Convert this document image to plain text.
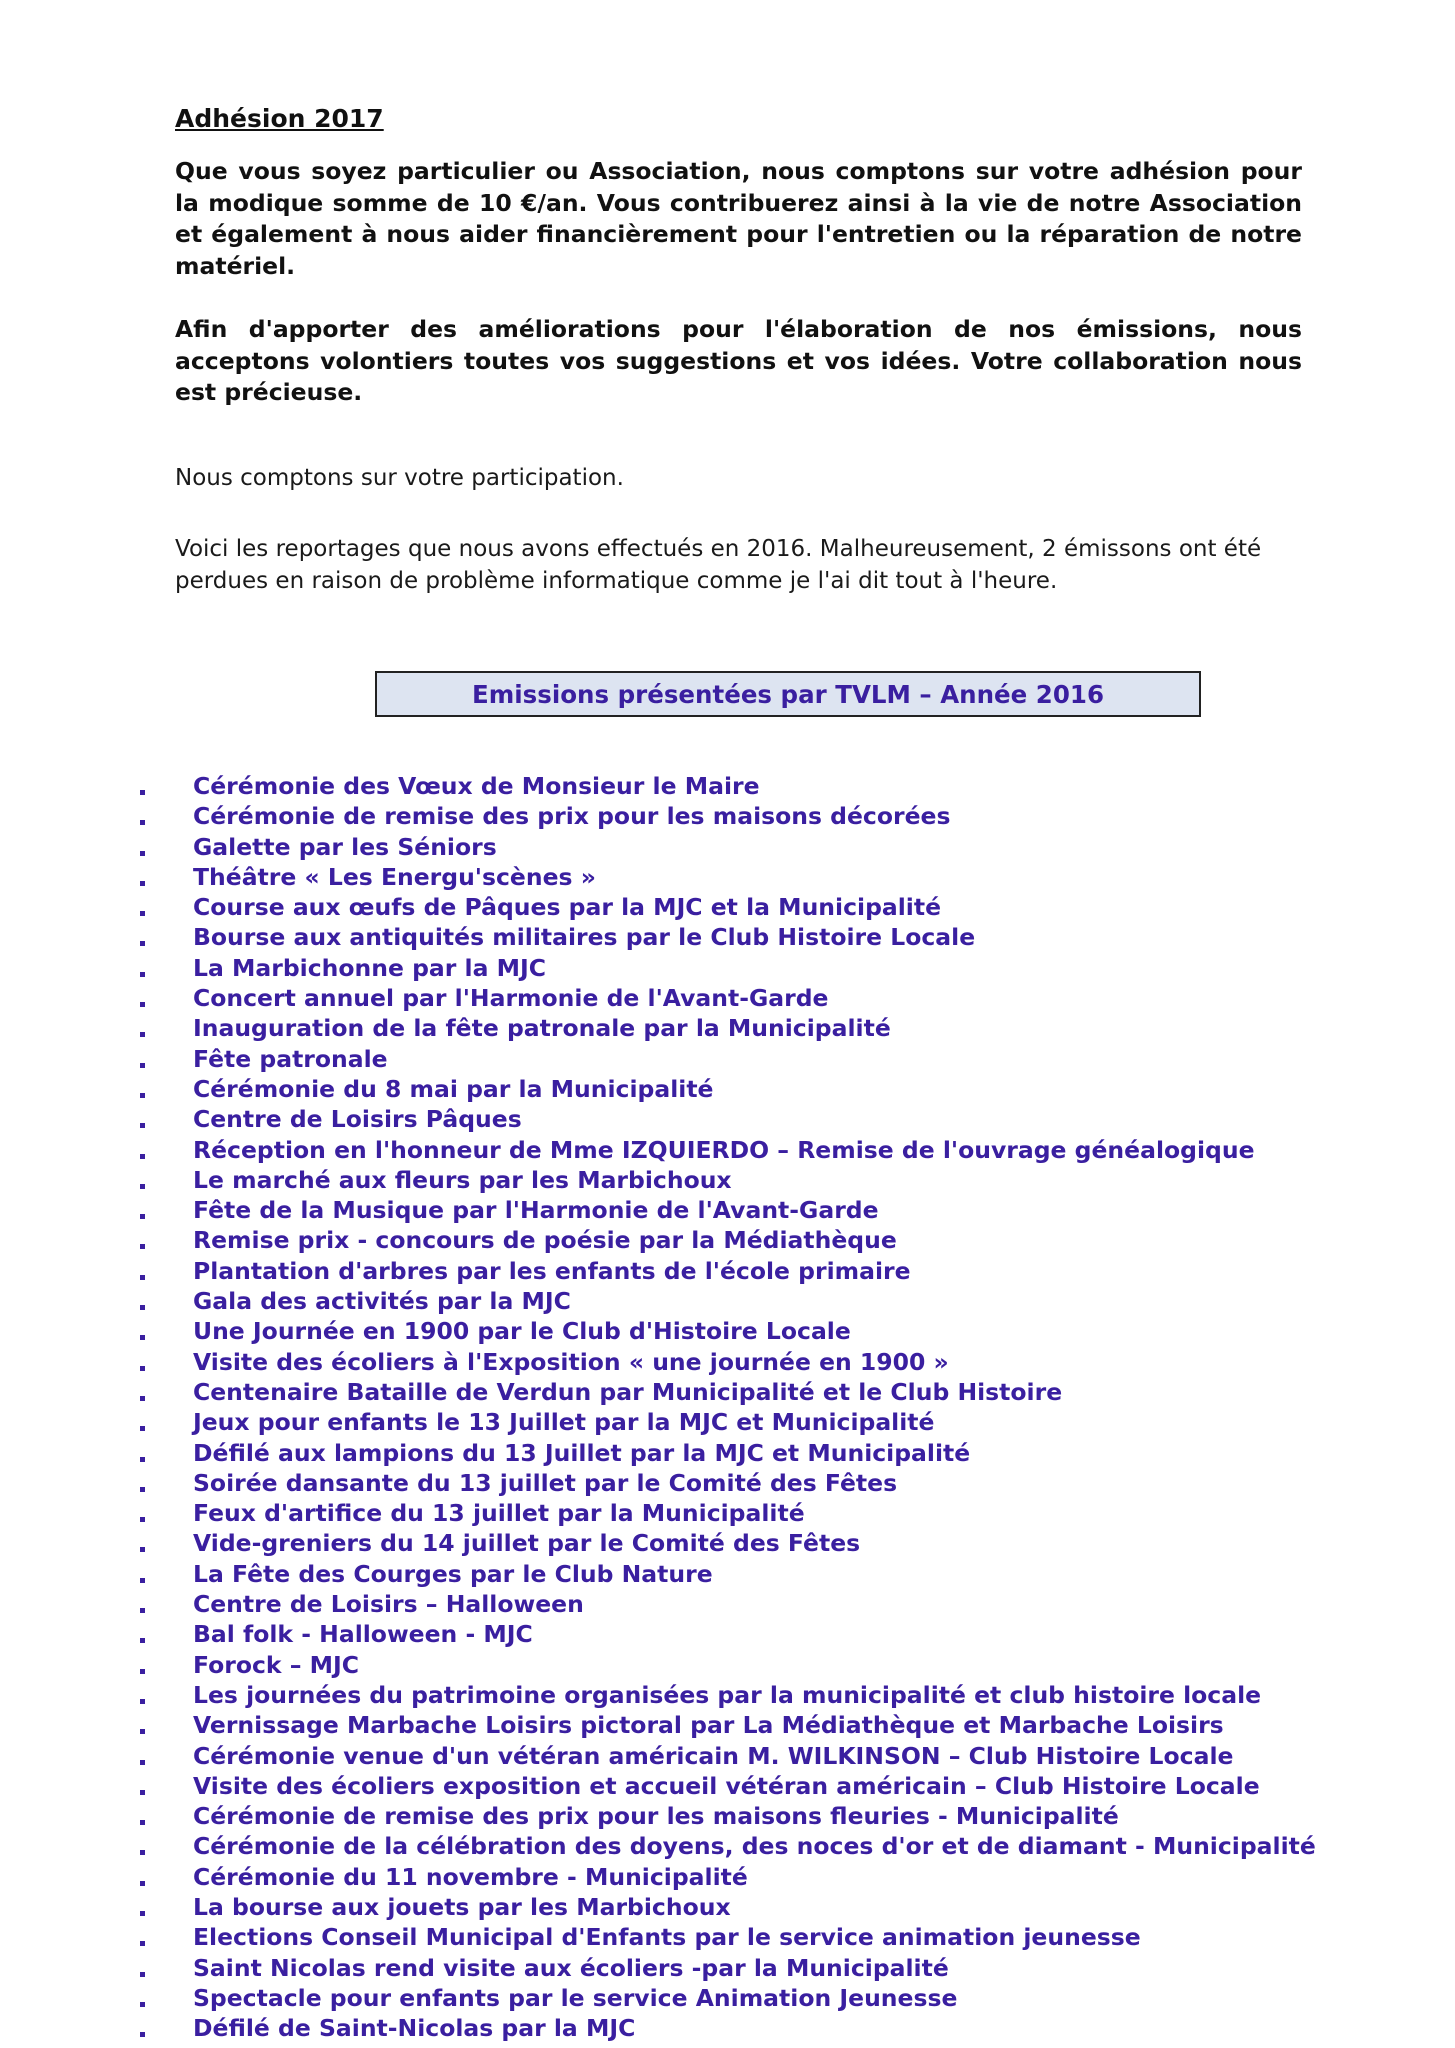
Adhésion 2017

Que vous soyez particulier ou Association, nous comptons sur votre adhésion pour la modique somme de 10 €/an. Vous contribuerez ainsi à la vie de notre Association et également à nous aider financièrement pour l'entretien ou la réparation de notre matériel.

Afin d'apporter des améliorations pour l'élaboration de nos émissions, nous acceptons volontiers toutes vos suggestions et vos idées. Votre collaboration nous est précieuse.

Nous comptons sur votre participation.

Voici les reportages que nous avons effectués en 2016. Malheureusement, 2 émissons ont été perdues en raison de problème informatique comme je l'ai dit tout à l'heure.

Emissions présentées par TVLM – Année 2016
Cérémonie des Vœux de Monsieur le Maire
Cérémonie de remise des prix pour les maisons décorées
Galette par les Séniors
Théâtre « Les Energu'scènes »
Course aux œufs de Pâques par la MJC et la Municipalité
Bourse aux antiquités militaires par le Club Histoire Locale
La Marbichonne par la MJC
Concert annuel par l'Harmonie de l'Avant-Garde
Inauguration de la fête patronale par la Municipalité
Fête patronale
Cérémonie du 8 mai par la Municipalité
Centre de Loisirs Pâques
Réception en l'honneur de Mme IZQUIERDO – Remise de l'ouvrage généalogique
Le marché aux fleurs par les Marbichoux
Fête de la Musique par l'Harmonie de l'Avant-Garde
Remise prix - concours de poésie par la Médiathèque
Plantation d'arbres par les enfants de l'école primaire
Gala des activités par la MJC
Une Journée en 1900 par le Club d'Histoire Locale
Visite des écoliers à l'Exposition « une journée en 1900 »
Centenaire Bataille de Verdun par Municipalité et le Club Histoire
Jeux pour enfants le 13 Juillet par la MJC et Municipalité
Défilé aux lampions du 13 Juillet par la MJC et Municipalité
Soirée dansante du 13 juillet par le Comité des Fêtes
Feux d'artifice du 13 juillet par la Municipalité
Vide-greniers du 14 juillet par le Comité des Fêtes
La Fête des Courges par le Club Nature
Centre de Loisirs – Halloween
Bal folk - Halloween - MJC
Forock – MJC
Les journées du patrimoine organisées par la municipalité et club histoire locale
Vernissage Marbache Loisirs pictoral par La Médiathèque et Marbache Loisirs
Cérémonie venue d'un vétéran américain M. WILKINSON – Club Histoire Locale
Visite des écoliers exposition et accueil vétéran américain – Club Histoire Locale
Cérémonie de remise des prix pour les maisons fleuries - Municipalité
Cérémonie de la célébration des doyens, des noces d'or et de diamant - Municipalité
Cérémonie du 11 novembre - Municipalité
La bourse aux jouets par les Marbichoux
Elections Conseil Municipal d'Enfants par le service animation jeunesse
Saint Nicolas rend visite aux écoliers -par la Municipalité
Spectacle pour enfants par le service Animation Jeunesse
Défilé de Saint-Nicolas par la MJC
